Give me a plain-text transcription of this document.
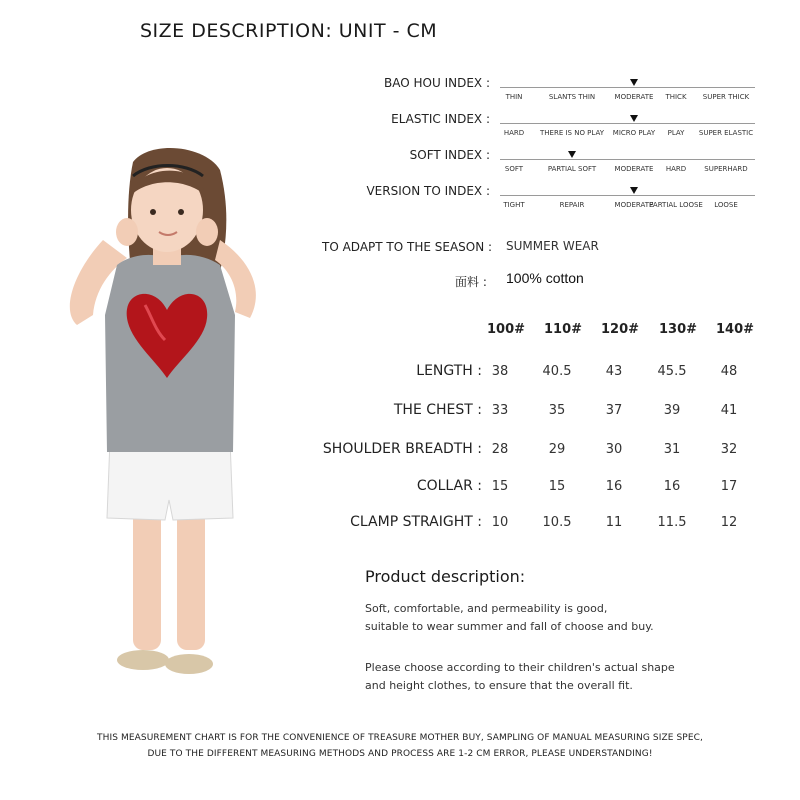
SIZE DESCRIPTION: UNIT - CM
BAO HOU INDEX :
THIN	SLANTS THIN	MODERATE THICK SUPER THICK
ELASTIC INDEX :
HARD THERE IS NO PLAY MICRO PLAY PLAY SUPER ELASTIC
SOFT INDEX :
SOFT	PARTIAL SOFT	MODERATE HARD	SUPERHARD
VERSION TO INDEX :
TIGHT	REPAIR	MODERATE
PARTIAL LOOSE LOOSE
TO ADAPT TO THE SEASON : SUMMER WEAR
面料 : 100% cotton
100# 110# 120# 130# 140#
LENGTH : 38	40.5	43	45.5	48
THE CHEST : 33	35	37	39	41
SHOULDER BREADTH : 28	29	30	31	32
COLLAR : 15	15	16	16	17
CLAMP STRAIGHT : 10	10.5	11	11.5	12
Product description:
Soft, comfortable, and permeability is good,
suitable to wear summer and fall of choose and buy.
Please choose according to their children's actual shape
and height clothes, to ensure that the overall fit.
THIS MEASUREMENT CHART IS FOR THE CONVENIENCE OF TREASURE MOTHER BUY, SAMPLING OF MANUAL MEASURING SIZE SPEC,
DUE TO THE DIFFERENT MEASURING METHODS AND PROCESS ARE 1-2 CM ERROR, PLEASE UNDERSTANDING!
